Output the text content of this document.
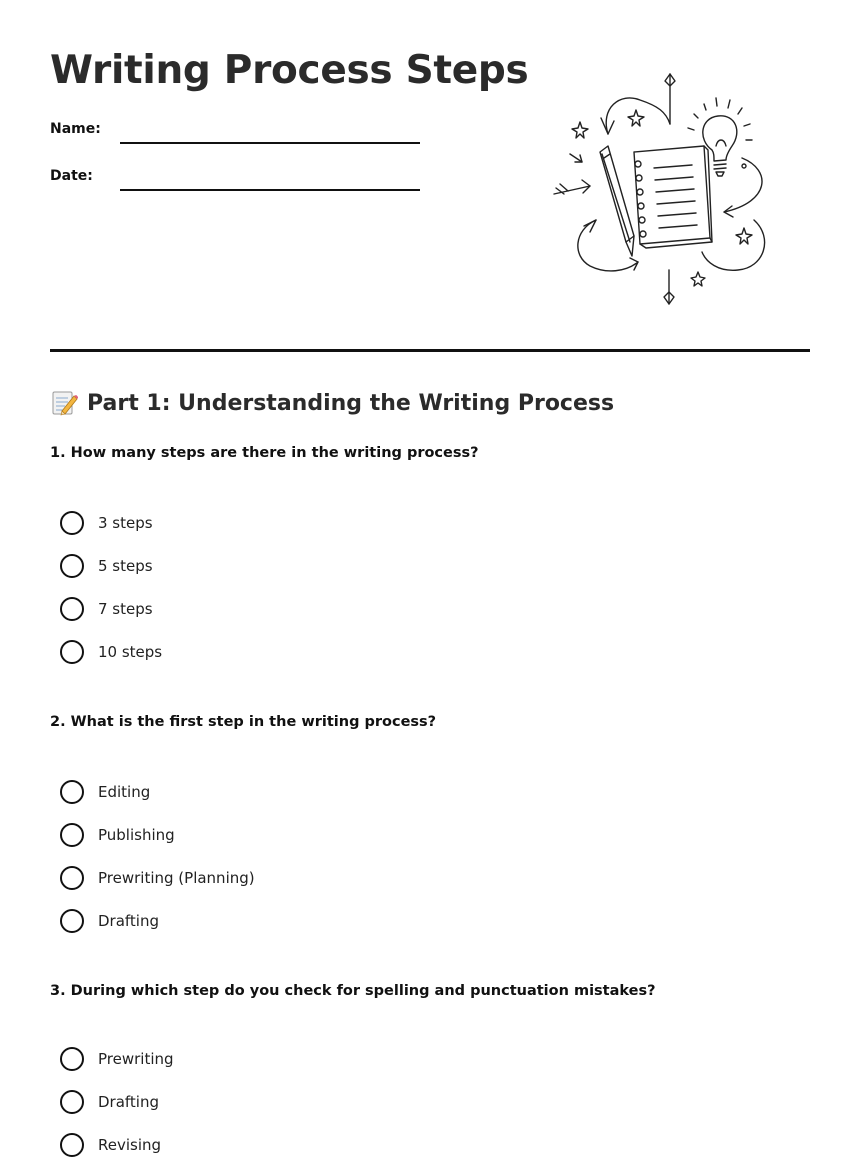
Writing Process Steps
Name:
Date:
Part 1: Understanding the Writing Process

1. How many steps are there in the writing process?

3 steps
5 steps
7 steps
10 steps

2. What is the first step in the writing process?

Editing
Publishing
Prewriting (Planning)
Drafting

3. During which step do you check for spelling and punctuation mistakes?

Prewriting
Drafting
Revising
